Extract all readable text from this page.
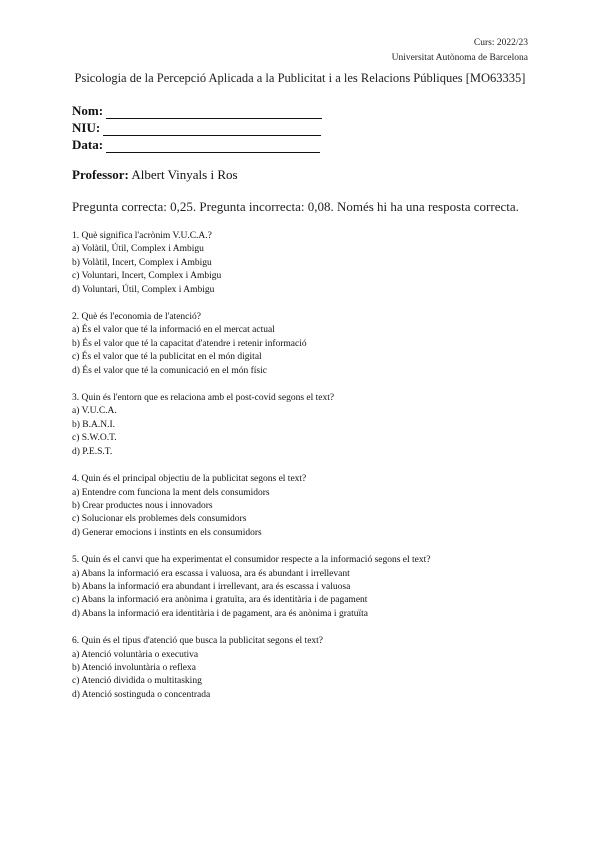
Curs: 2022/23
Universitat Autònoma de Barcelona
Psicologia de la Percepció Aplicada a la Publicitat i a les Relacions Públiques [MO63335]
Nom:
NIU:
Data:
Professor: Albert Vinyals i Ros
Pregunta correcta: 0,25. Pregunta incorrecta: 0,08. Només hi ha una resposta correcta.
1. Què significa l'acrònim V.U.C.A.?
a) Volàtil, Útil, Complex i Ambigu
b) Volàtil, Incert, Complex i Ambigu
c) Voluntari, Incert, Complex i Ambigu
d) Voluntari, Útil, Complex i Ambigu
2. Què és l'economia de l'atenció?
a) És el valor que té la informació en el mercat actual
b) És el valor que té la capacitat d'atendre i retenir informació
c) És el valor que té la publicitat en el món digital
d) És el valor que té la comunicació en el món físic
3. Quin és l'entorn que es relaciona amb el post-covid segons el text?
a) V.U.C.A.
b) B.A.N.I.
c) S.W.O.T.
d) P.E.S.T.
4. Quin és el principal objectiu de la publicitat segons el text?
a) Entendre com funciona la ment dels consumidors
b) Crear productes nous i innovadors
c) Solucionar els problemes dels consumidors
d) Generar emocions i instints en els consumidors
5. Quin és el canvi que ha experimentat el consumidor respecte a la informació segons el text?
a) Abans la informació era escassa i valuosa, ara és abundant i irrellevant
b) Abans la informació era abundant i irrellevant, ara és escassa i valuosa
c) Abans la informació era anònima i gratuïta, ara és identitària i de pagament
d) Abans la informació era identitària i de pagament, ara és anònima i gratuïta
6. Quin és el tipus d'atenció que busca la publicitat segons el text?
a) Atenció voluntària o executiva
b) Atenció involuntària o reflexa
c) Atenció dividida o multitasking
d) Atenció sostinguda o concentrada
